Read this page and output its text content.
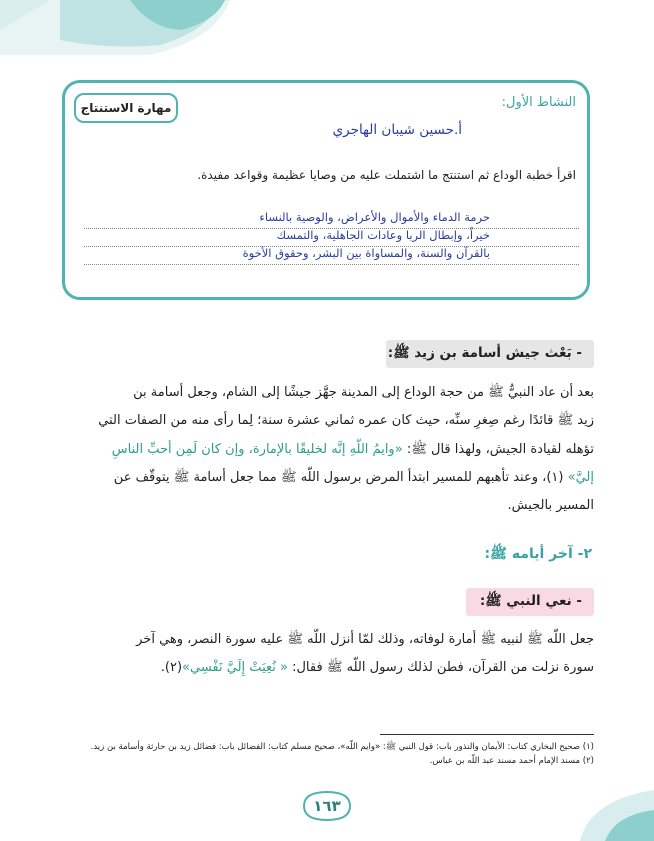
مهارة الاستنتاج	النشاط الأول:
أ.حسين شيبان الهاجري
اقرأ خطبة الوداع ثم استنتج ما اشتملت عليه من وصايا عظيمة وقواعد مفيدة.
حرمة الدماء والأموال والأعراض، والوصية بالنساء
خيراً، وإبطال الربا وعادات الجاهلية، والتمسك
بالقرآن والسنة، والمساواة بين البشر، وحقوق الأخوة
- بَعْث جيش أسامة بن زيد ﷺ:
بعد أن عاد النبيُّ ﷺ من حجة الوداع إلى المدينة جهَّز جيشًا إلى الشام، وجعل أسامة بن
زيد ﷺ قائدًا رغم صِغرِ سنِّه، حيث كان عمره ثماني عشرة سنة؛ لِما رأى منه من الصفات التي
تؤهله لقيادة الجيش، ولهذا قال ﷺ: «وايمُ اللّهِ إنَّه لخليقًا بالإمارة، وإن كان لَمِن أحبِّ الناسِ
إليَّ» (١)، وعند تأهبهم للمسير ابتدأ المرض برسول اللّه ﷺ مما جعل أسامة ﷺ يتوقّف عن
المسير بالجيش.
٢- آخر أيامه ﷺ:
- نعي النبي ﷺ:
جعل اللّه ﷺ لنبيه ﷺ أمارة لوفاته، وذلك لمّا أنزل اللّه ﷺ عليه سورة النصر، وهي آخر
سورة نزلت من القرآن، فطن لذلك رسول اللّه ﷺ فقال: « نُعِيَتْ إِلَيَّ نَفْسِي»(٢).
(١) صحيح البخاري كتاب: الأيمان والنذور باب: قول النبي ﷺ: «وايم اللّه»، صحيح مسلم كتاب: الفضائل باب: فضائل زيد بن حارثة وأسامة بن زيد.
(٢) مسند الإمام أحمد مسند عبد اللّه بن عباس.
١٦٣
